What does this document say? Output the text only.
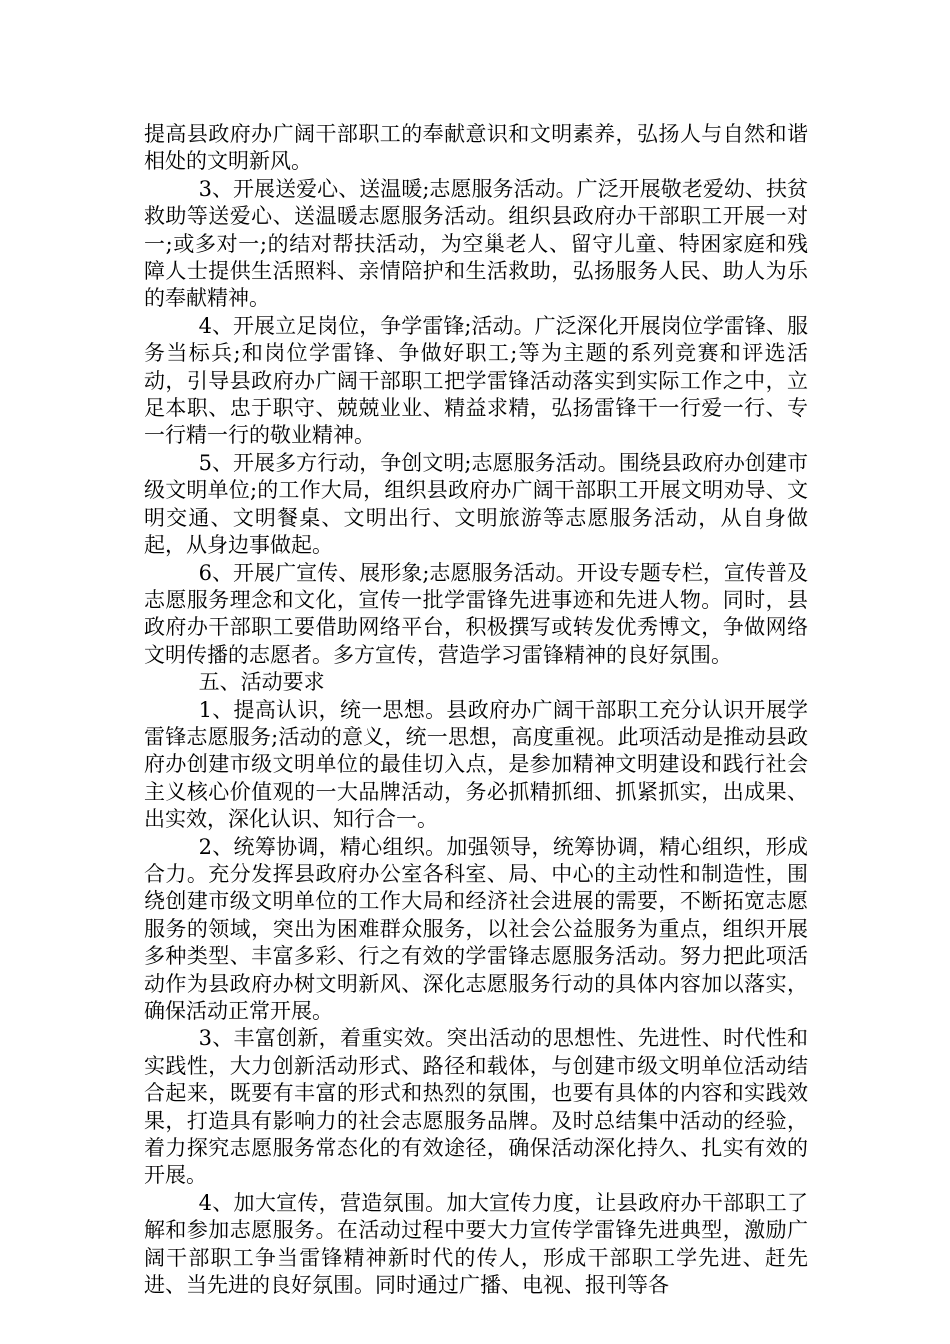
提高县政府办广阔干部职工的奉献意识和文明素养，弘扬人与自然和谐相处的文明新风。

3、开展送爱心、送温暖;志愿服务活动。广泛开展敬老爱幼、扶贫救助等送爱心、送温暖志愿服务活动。组织县政府办干部职工开展一对一;或多对一;的结对帮扶活动，为空巢老人、留守儿童、特困家庭和残障人士提供生活照料、亲情陪护和生活救助，弘扬服务人民、助人为乐的奉献精神。

4、开展立足岗位，争学雷锋;活动。广泛深化开展岗位学雷锋、服务当标兵;和岗位学雷锋、争做好职工;等为主题的系列竞赛和评选活动，引导县政府办广阔干部职工把学雷锋活动落实到实际工作之中，立足本职、忠于职守、兢兢业业、精益求精，弘扬雷锋干一行爱一行、专一行精一行的敬业精神。

5、开展多方行动，争创文明;志愿服务活动。围绕县政府办创建市级文明单位;的工作大局，组织县政府办广阔干部职工开展文明劝导、文明交通、文明餐桌、文明出行、文明旅游等志愿服务活动，从自身做起，从身边事做起。

6、开展广宣传、展形象;志愿服务活动。开设专题专栏，宣传普及志愿服务理念和文化，宣传一批学雷锋先进事迹和先进人物。同时，县政府办干部职工要借助网络平台，积极撰写或转发优秀博文，争做网络文明传播的志愿者。多方宣传，营造学习雷锋精神的良好氛围。

五、活动要求

1、提高认识，统一思想。县政府办广阔干部职工充分认识开展学雷锋志愿服务;活动的意义，统一思想，高度重视。此项活动是推动县政府办创建市级文明单位的最佳切入点，是参加精神文明建设和践行社会主义核心价值观的一大品牌活动，务必抓精抓细、抓紧抓实，出成果、出实效，深化认识、知行合一。

2、统筹协调，精心组织。加强领导，统筹协调，精心组织，形成合力。充分发挥县政府办公室各科室、局、中心的主动性和制造性，围绕创建市级文明单位的工作大局和经济社会进展的需要，不断拓宽志愿服务的领域，突出为困难群众服务，以社会公益服务为重点，组织开展多种类型、丰富多彩、行之有效的学雷锋志愿服务活动。努力把此项活动作为县政府办树文明新风、深化志愿服务行动的具体内容加以落实，确保活动正常开展。

3、丰富创新，着重实效。突出活动的思想性、先进性、时代性和实践性，大力创新活动形式、路径和载体，与创建市级文明单位活动结合起来，既要有丰富的形式和热烈的氛围，也要有具体的内容和实践效果，打造具有影响力的社会志愿服务品牌。及时总结集中活动的经验，着力探究志愿服务常态化的有效途径，确保活动深化持久、扎实有效的开展。

4、加大宣传，营造氛围。加大宣传力度，让县政府办干部职工了解和参加志愿服务。在活动过程中要大力宣传学雷锋先进典型，激励广阔干部职工争当雷锋精神新时代的传人，形成干部职工学先进、赶先进、当先进的良好氛围。同时通过广播、电视、报刊等各
